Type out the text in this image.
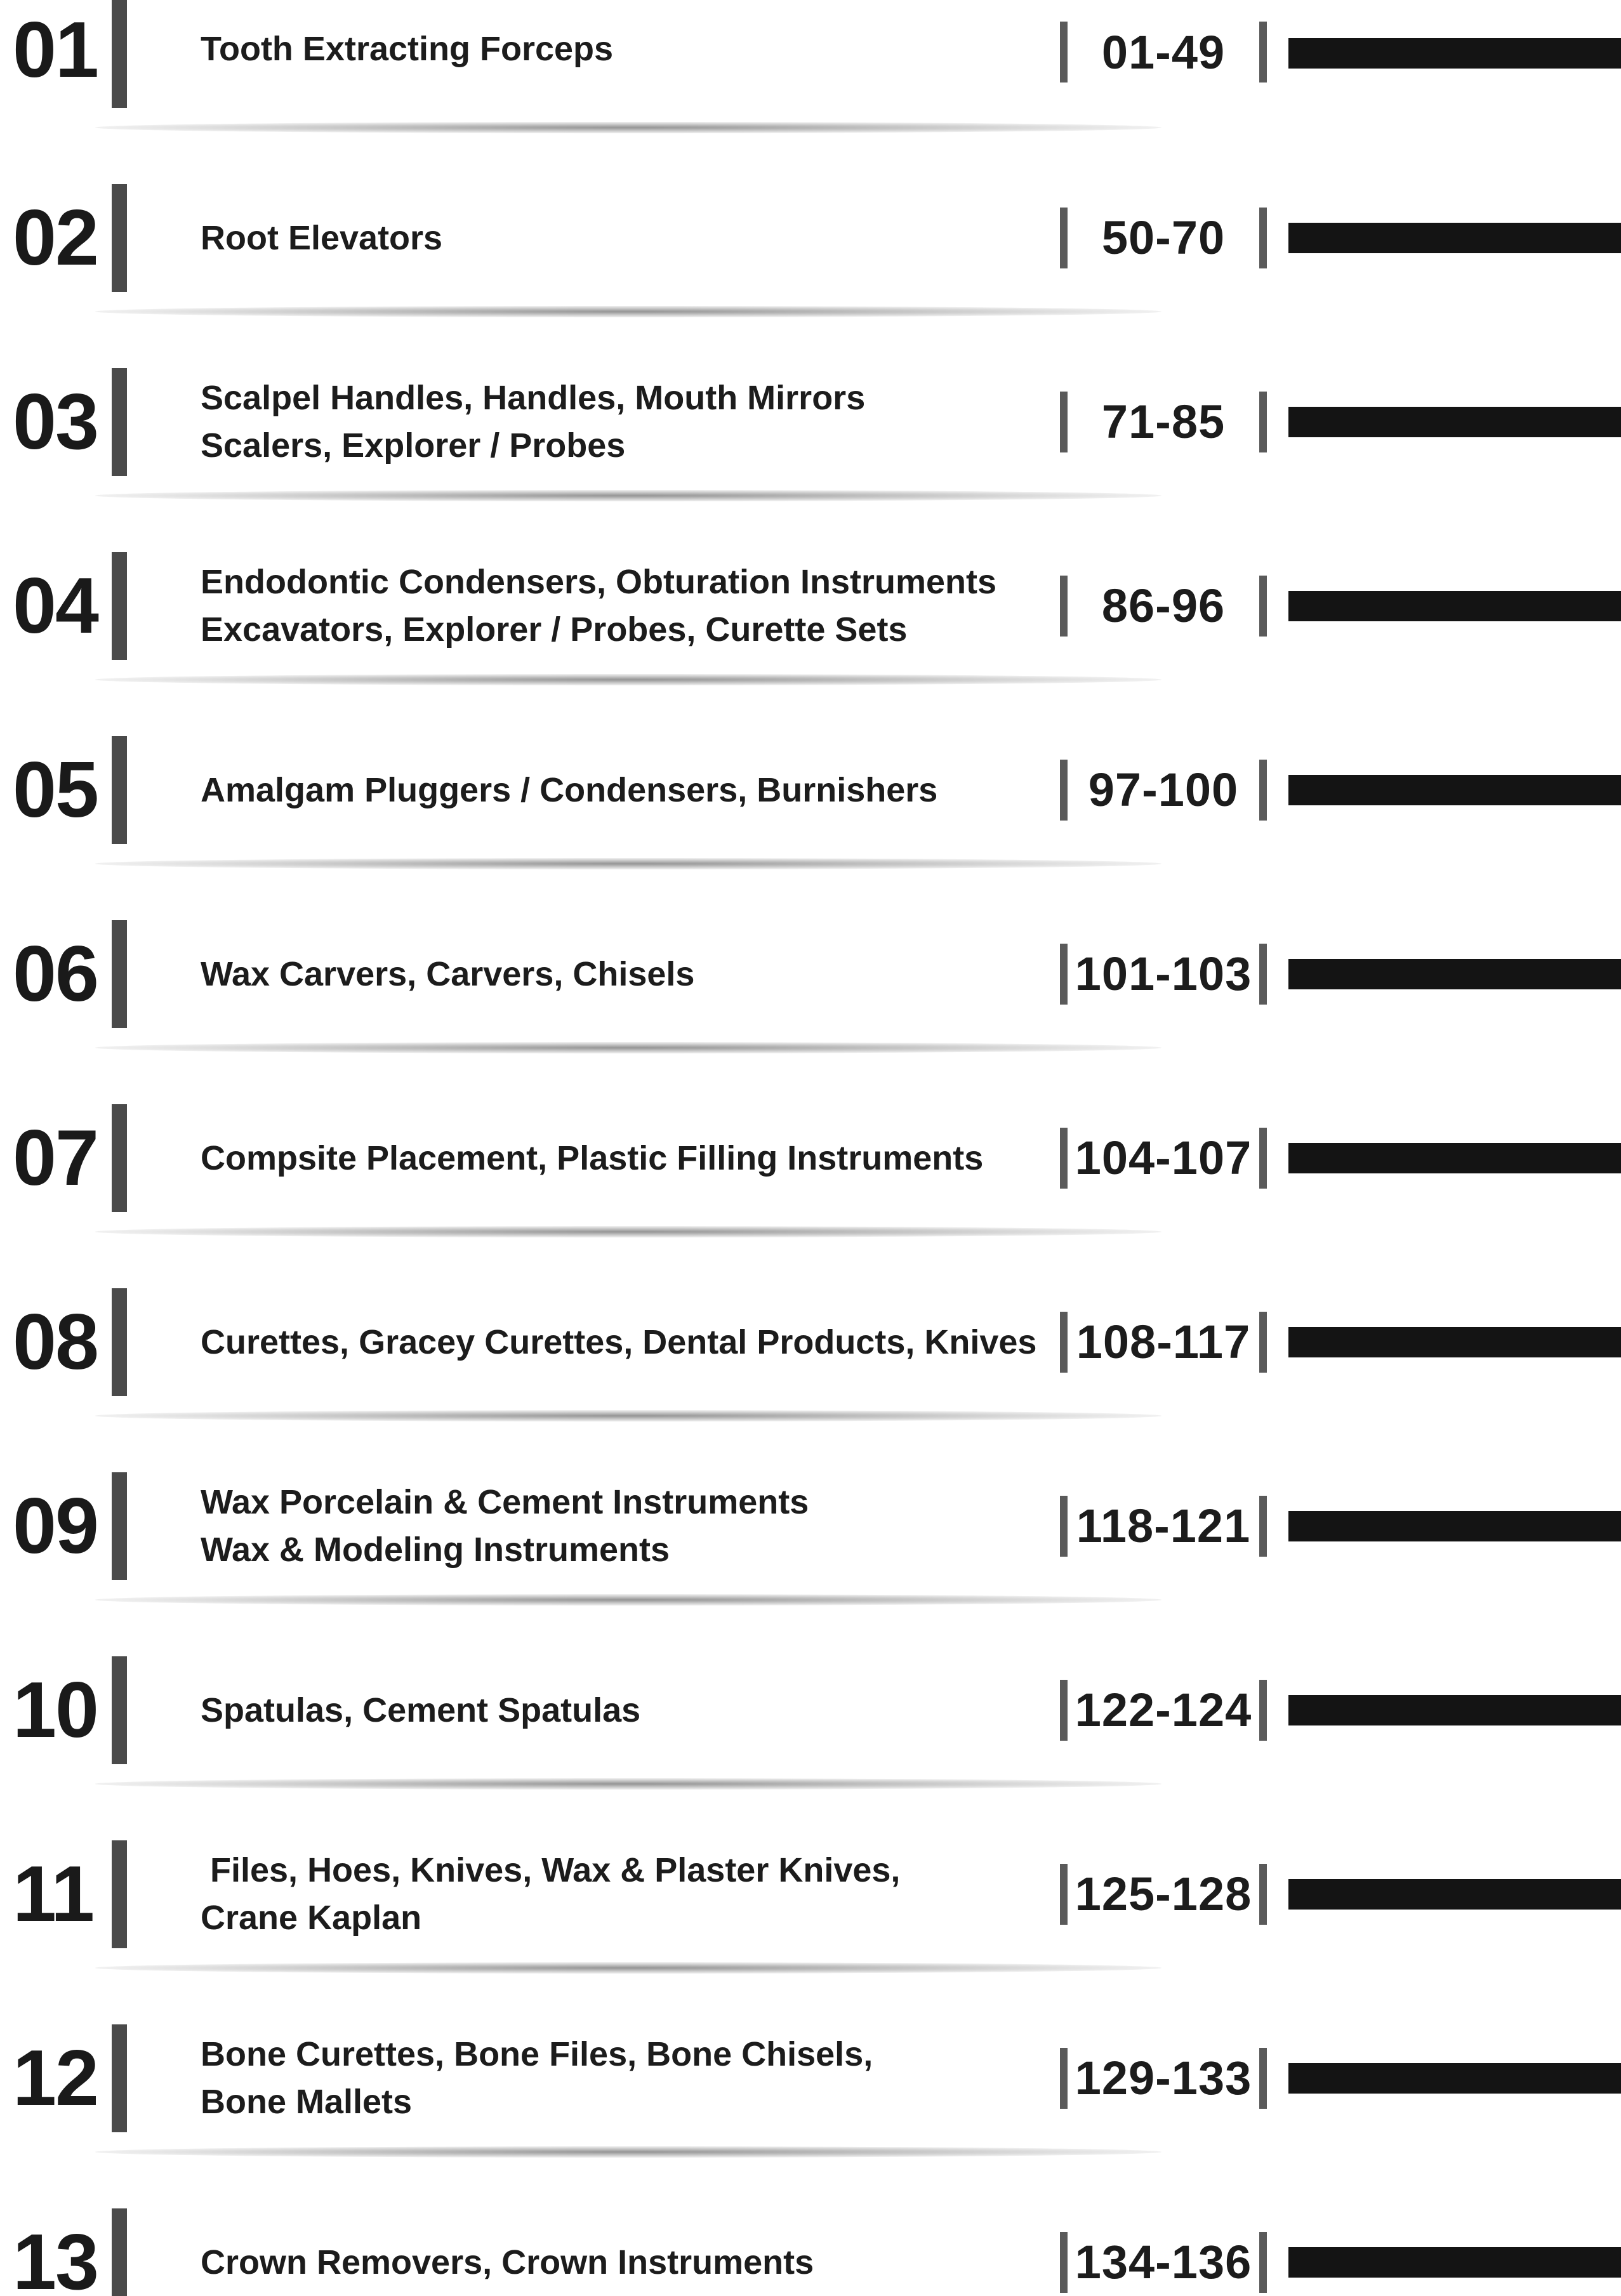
01	Tooth Extracting Forceps	01-49
02	Root Elevators	50-70
03	Scalpel Handles, Handles, Mouth Mirrors
Scalers, Explorer / Probes	71-85
04	Endodontic Condensers, Obturation Instruments
Excavators, Explorer / Probes, Curette Sets	86-96
05	Amalgam Pluggers / Condensers, Burnishers	97-100
06	Wax Carvers, Carvers, Chisels	101-103
07	Compsite Placement, Plastic Filling Instruments	104-107
08	Curettes, Gracey Curettes, Dental Products, Knives 108-117
09	Wax Porcelain & Cement Instruments
Wax & Modeling Instruments	118-121
10	Spatulas, Cement Spatulas	122-124
11	Files, Hoes, Knives, Wax & Plaster Knives,
Crane Kaplan	125-128
12	Bone Curettes, Bone Files, Bone Chisels,
Bone Mallets	129-133
13	Crown Removers, Crown Instruments	134-136
